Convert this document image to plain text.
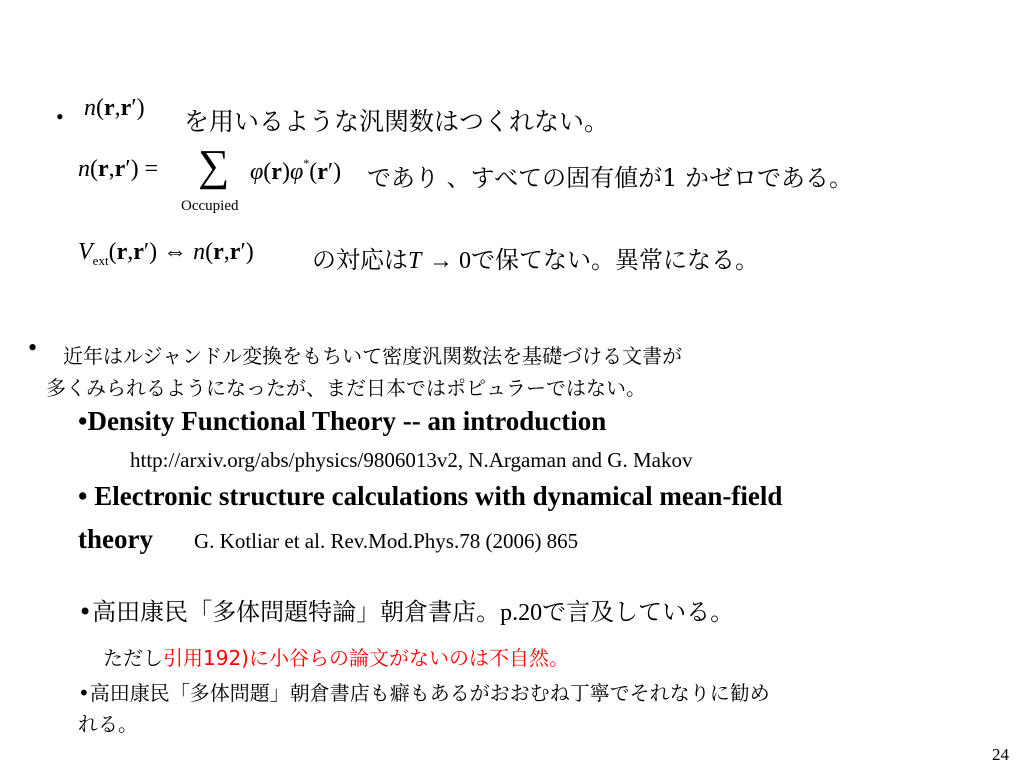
• n(r,r′) を用いるような汎関数はつくれない。
n(r,r′) = ∑
Occupied
φ(r)φ*(r′) であり 、すべての固有値が1 かゼロである。
$V_{ext}(r,r')$ ⇔ n(r,r′) の対応はT → 0で保てない。異常になる。
• 近年はルジャンドル変換をもちいて密度汎関数法を基礎づける文書が
多くみられるようになったが、まだ日本ではポピュラーではない。
•Density Functional Theory -- an introduction
http://arxiv.org/abs/physics/9806013v2, N.Argaman and G. Makov
• Electronic structure calculations with dynamical mean-field
theory G. Kotliar et al. Rev.Mod.Phys.78 (2006) 865
•高田康民「多体問題特論」朝倉書店。p.20で言及している。
ただし引用192)に小谷らの論文がないのは不自然。
•高田康民「多体問題」朝倉書店も癖もあるがおおむね丁寧でそれなりに勧め
れる。
24
